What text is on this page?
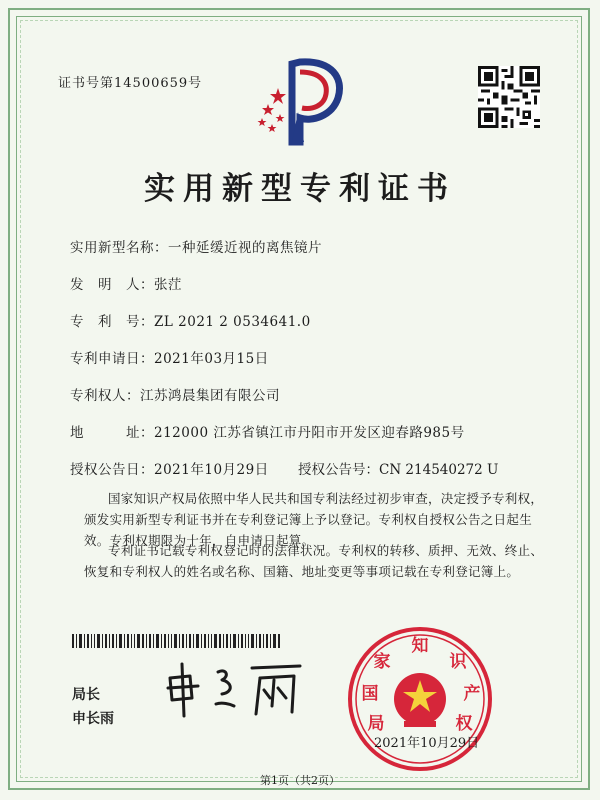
证书号第14500659号
实用新型专利证书
实用新型名称：一种延缓近视的离焦镜片
发　明　人：张茳
专　利　号：ZL 2021 2 0534641.0
专利申请日：2021年03月15日
专利权人：江苏鸿晨集团有限公司
地　　　址：212000 江苏省镇江市丹阳市开发区迎春路985号
授权公告日：2021年10月29日 授权公告号：CN 214540272 U
国家知识产权局依照中华人民共和国专利法经过初步审查，决定授予专利权，颁发实用新型专利证书并在专利登记簿上予以登记。专利权自授权公告之日起生效。专利权期限为十年，自申请日起算。
专利证书记载专利权登记时的法律状况。专利权的转移、质押、无效、终止、恢复和专利权人的姓名或名称、国籍、地址变更等事项记载在专利登记簿上。
局长
申长雨
国
家
知
识
产
权
局
2021年10月29日
第1页（共2页）
